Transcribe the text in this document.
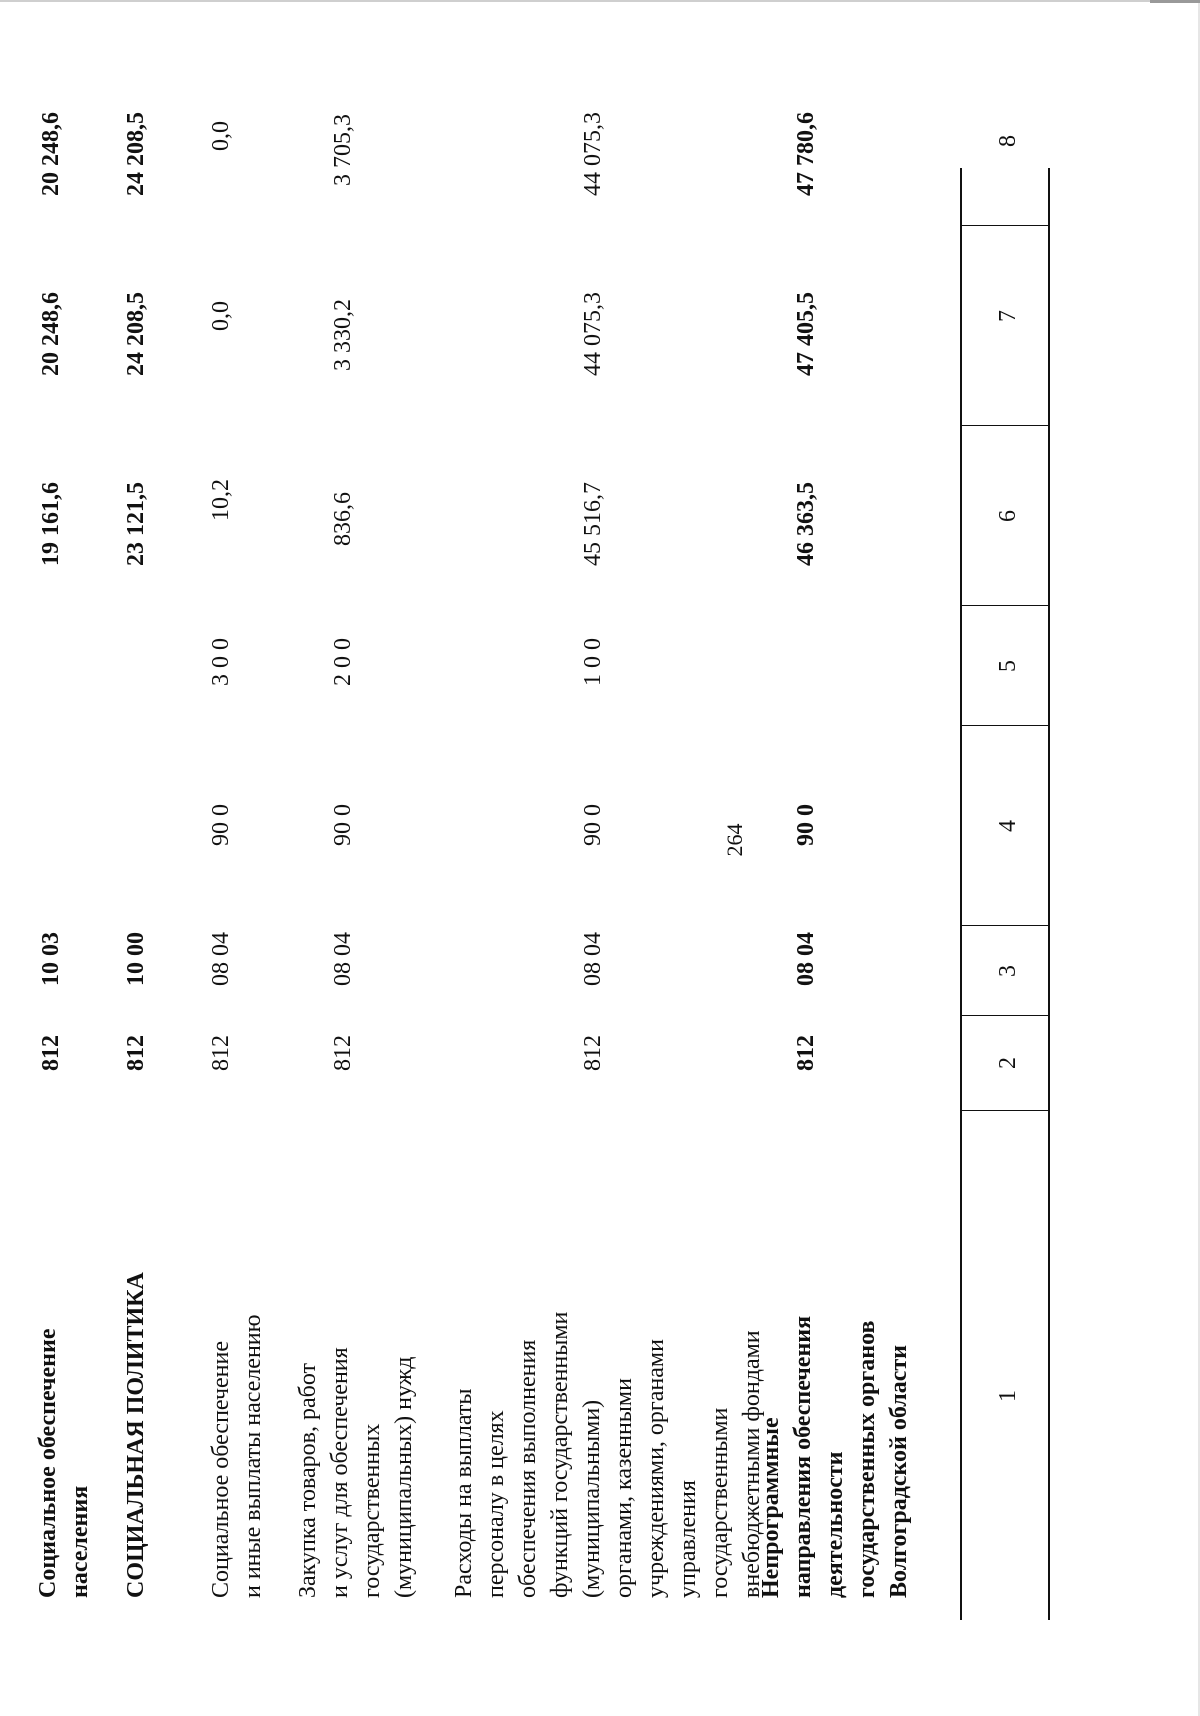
264
1
2
3
4
5
6
7
8
Непрограммные направления обеспечения деятельности государственных органов Волгоградской области
812
08 04
90 0
46 363,5
47 405,5
47 780,6
Расходы на выплаты персоналу в целях обеспечения выполнения функций государственными (муниципальными) органами, казенными учреждениями, органами управления государственными внебюджетными фондами
812
08 04
90 0
1 0 0
45 516,7
44 075,3
44 075,3
Закупка товаров, работ и услуг для обеспечения государственных (муниципальных) нужд
812
08 04
90 0
2 0 0
836,6
3 330,2
3 705,3
Социальное обеспечение и иные выплаты населению
812
08 04
90 0
3 0 0
10,2
0,0
0,0
СОЦИАЛЬНАЯ ПОЛИТИКА
812
10 00
23 121,5
24 208,5
24 208,5
Социальное обеспечение населения
812
10 03
19 161,6
20 248,6
20 248,6
